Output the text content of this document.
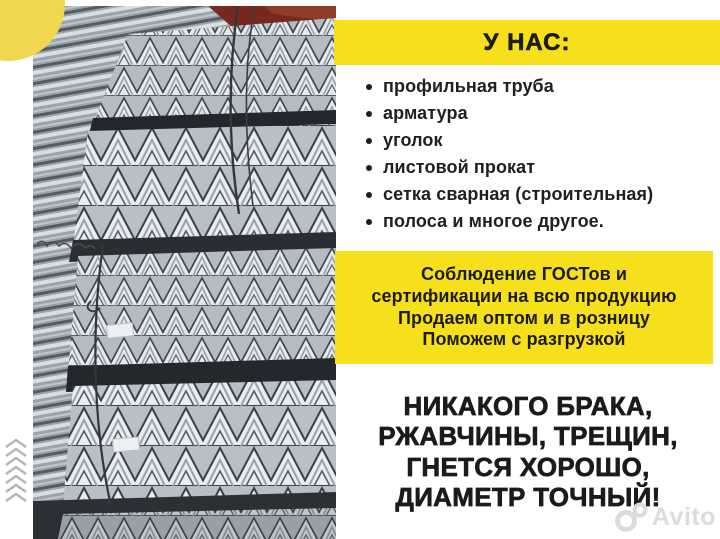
У НАС:
профильная труба
арматура
уголок
листовой прокат
сетка сварная (строительная)
полоса и многое другое.
Соблюдение ГОСТов и
сертификации на всю продукцию
Продаем оптом и в розницу
Поможем с разгрузкой
НИКАКОГО БРАКА,
РЖАВЧИНЫ, ТРЕЩИН,
ГНЕТСЯ ХОРОШО,
ДИАМЕТР ТОЧНЫЙ!
Avito
